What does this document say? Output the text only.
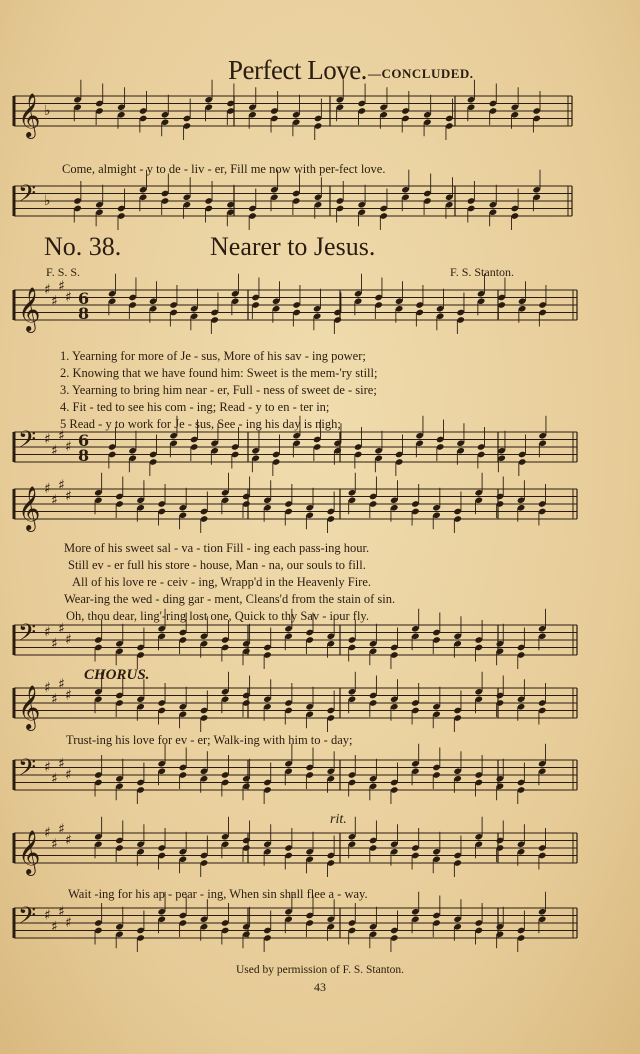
Perfect Love. —CONCLUDED.
𝄞 ♭
Come, almight - y to de - liv - er, Fill me now with per-fect love.
𝄢 ♭
No. 38.	Nearer to Jesus.
F. S. S.	F. S. Stanton.
𝄞 ♯
♯
♯
♯ 6
8
1. Yearning for more of Je - sus, More of his sav - ing power;
2. Knowing that we have found him: Sweet is the mem-'ry still;
3. Yearning to bring him near - er, Full - ness of sweet de - sire;
4. Fit - ted to see his com - ing; Read - y to en - ter in;
5 Read - y to work for Je - sus, See - ing his day is nigh;
𝄢 ♯
♯
♯
♯ 6
8
𝄞 ♯
♯
♯
♯
More of his sweet sal - va - tion Fill - ing each pass-ing hour.
Still ev - er full his store - house, Man - na, our souls to fill.
All of his love re - ceiv - ing, Wrapp'd in the Heavenly Fire.
Wear-ing the wed - ding gar - ment, Cleans'd from the stain of sin.
Oh, thou dear, ling'-ring lost one, Quick to thy Sav - iour fly.
𝄢 ♯
♯
♯
♯
CHORUS.
𝄞 ♯
♯
♯
♯
Trust-ing his love for ev - er; Walk-ing with him to - day;
𝄢 ♯
♯
♯
♯
rit.
𝄞 ♯
♯
♯
♯
Wait -ing for his ap - pear - ing, When sin shall flee a - way.
𝄢 ♯
♯
♯
♯
Used by permission of F. S. Stanton.
43
